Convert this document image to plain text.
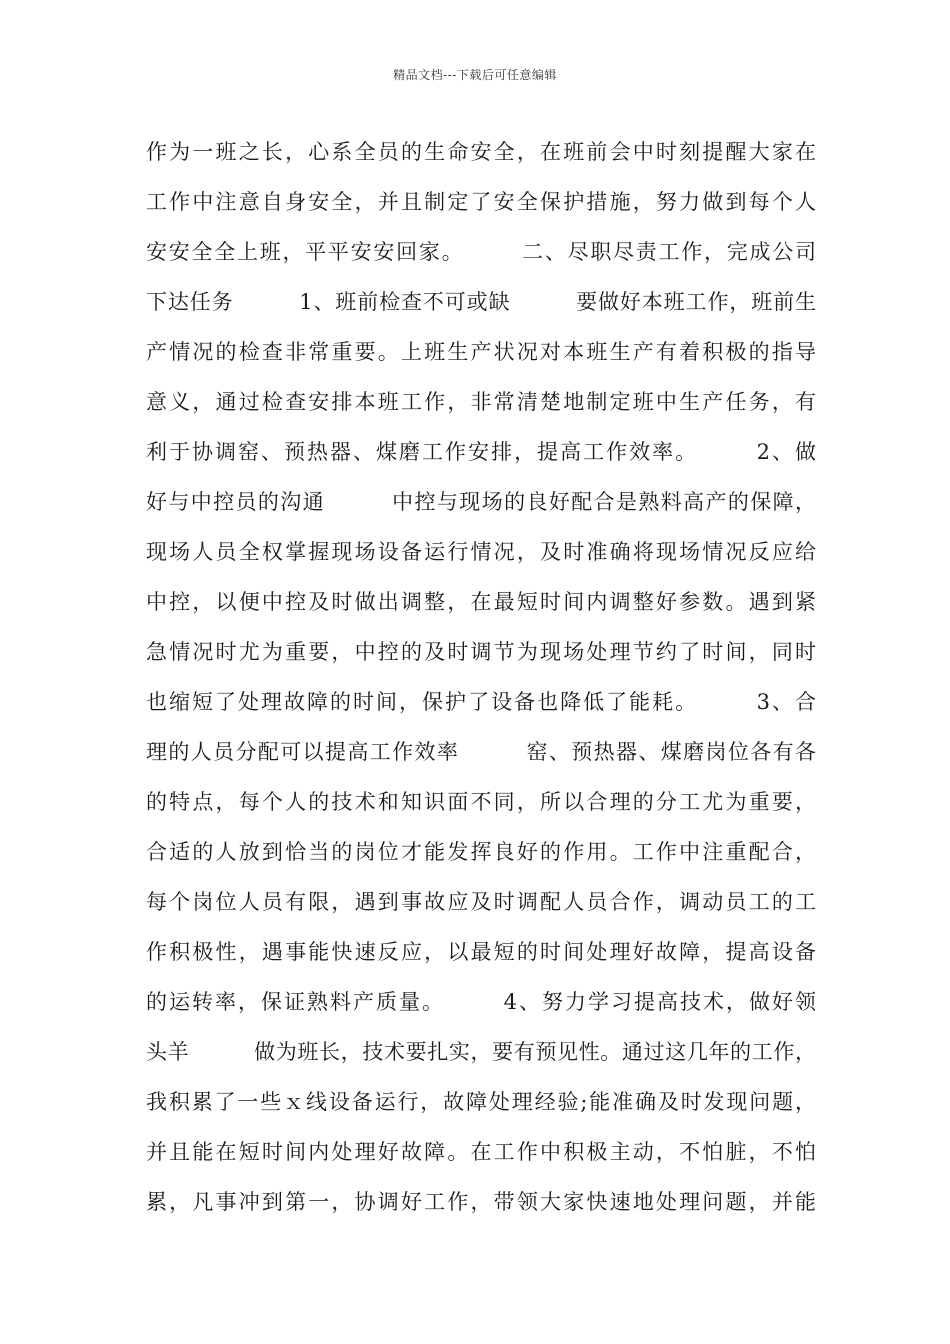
精品文档---下载后可任意编辑
作为一班之长，心系全员的生命安全，在班前会中时刻提醒大家在
工作中注意自身安全，并且制定了安全保护措施，努力做到每个人
安安全全上班，平平安安回家。　　　二、尽职尽责工作，完成公司
下达任务　　　1、班前检查不可或缺　　　要做好本班工作，班前生
产情况的检查非常重要。上班生产状况对本班生产有着积极的指导
意义，通过检查安排本班工作，非常清楚地制定班中生产任务，有
利于协调窑、预热器、煤磨工作安排，提高工作效率。　　　2、做
好与中控员的沟通　　　中控与现场的良好配合是熟料高产的保障，
现场人员全权掌握现场设备运行情况，及时准确将现场情况反应给
中控，以便中控及时做出调整，在最短时间内调整好参数。遇到紧
急情况时尤为重要，中控的及时调节为现场处理节约了时间，同时
也缩短了处理故障的时间，保护了设备也降低了能耗。　　　3、合
理的人员分配可以提高工作效率　　　窑、预热器、煤磨岗位各有各
的特点，每个人的技术和知识面不同，所以合理的分工尤为重要，
合适的人放到恰当的岗位才能发挥良好的作用。工作中注重配合，
每个岗位人员有限，遇到事故应及时调配人员合作，调动员工的工
作积极性，遇事能快速反应，以最短的时间处理好故障，提高设备
的运转率，保证熟料产质量。　　　4、努力学习提高技术，做好领
头羊　　　做为班长，技术要扎实，要有预见性。通过这几年的工作，
我积累了一些ｘ线设备运行，故障处理经验;能准确及时发现问题，
并且能在短时间内处理好故障。在工作中积极主动，不怕脏，不怕
累，凡事冲到第一，协调好工作，带领大家快速地处理问题，并能
